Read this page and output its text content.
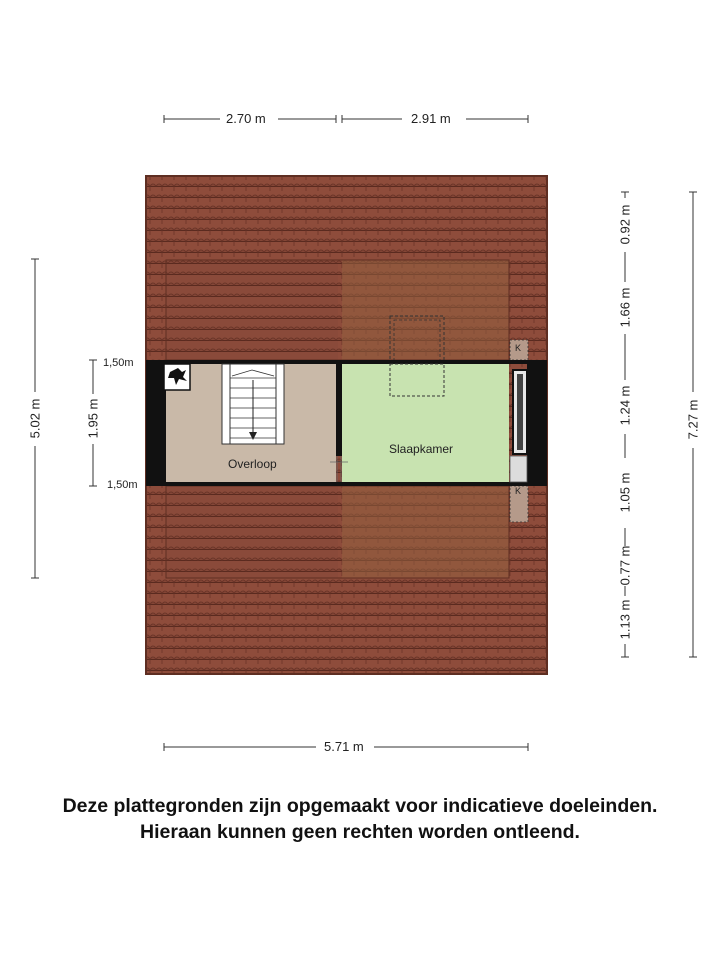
2.70 m	2.91 m
5.71 m
5.02 m	1.95 m	7.27 m
0.92 m
1.66 m
1.24 m
1.05 m
0.77 m
1.13 m
1,50m
1,50m
Overloop
Slaapkamer
K
K
Deze plattegronden zijn opgemaakt voor indicatieve doeleinden.
Hieraan kunnen geen rechten worden ontleend.
